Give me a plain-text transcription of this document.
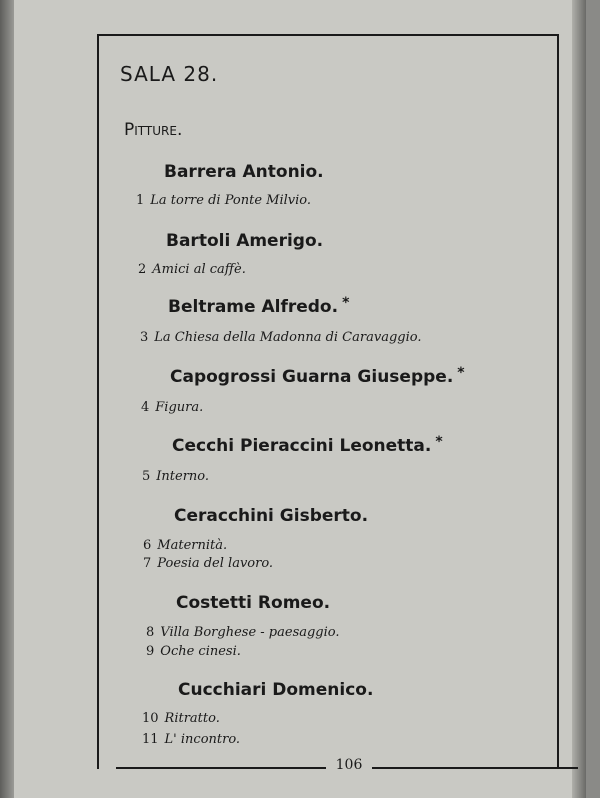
106
SALA 28.
Pitture.
Barrera Antonio.
1 La torre di Ponte Milvio.
Bartoli Amerigo.
2 Amici al caffè.
Beltrame Alfredo. *
3 La Chiesa della Madonna di Caravaggio.
Capogrossi Guarna Giuseppe. *
4 Figura.
Cecchi Pieraccini Leonetta. *
5 Interno.
Ceracchini Gisberto.
6 Maternità.
7 Poesia del lavoro.
Costetti Romeo.
8 Villa Borghese - paesaggio.
9 Oche cinesi.
Cucchiari Domenico.
10 Ritratto.
11 L' incontro.
